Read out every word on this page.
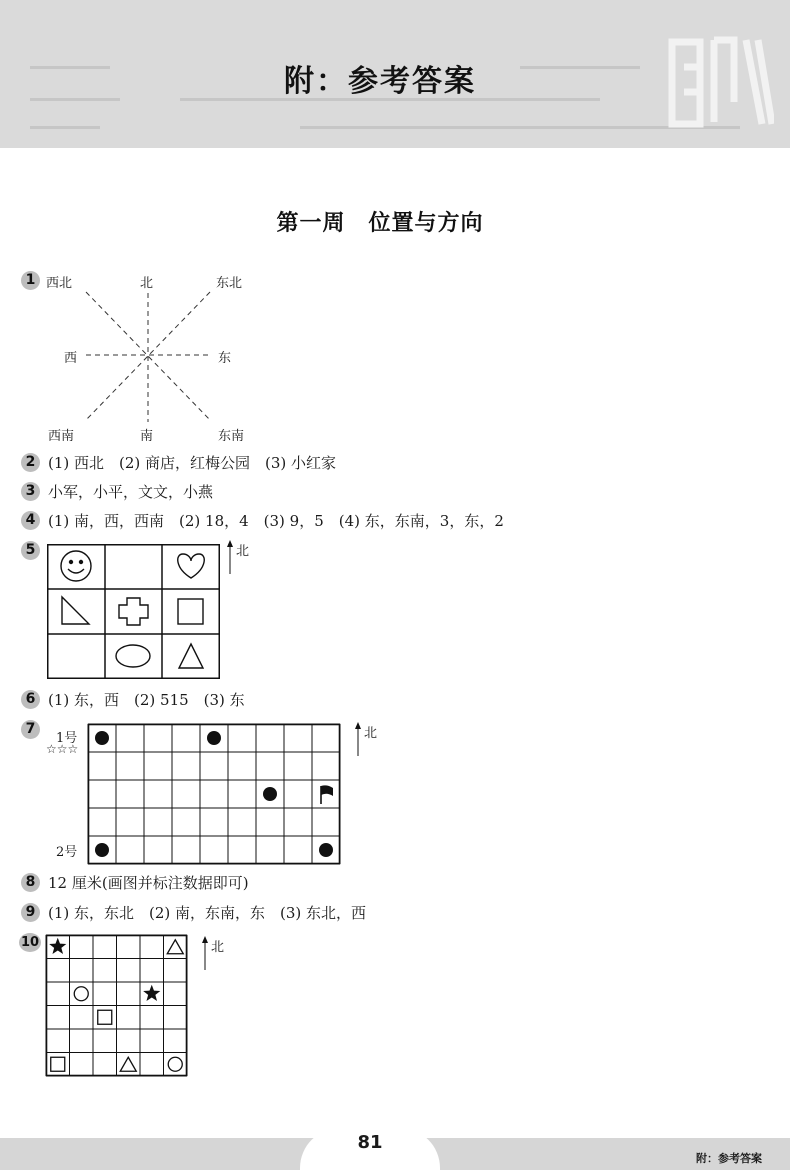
附：参考答案
第一周　位置与方向
1 西北	北	东北
西	东
西南	南	东南
2 (1) 西北　(2) 商店，红梅公园　(3) 小红家
3 小军，小平，文文，小燕
4 (1) 南，西，西南　(2) 18，4　(3) 9，5　(4) 东，东南，3，东，2
5	北
6 (1) 东，西　(2) 515　(3) 东
7
1号
☆☆☆
2号
北
8 12 厘米(画图并标注数据即可)
9 (1) 东，东北　(2) 南，东南，东　(3) 东北，西
10	北
81
附：参考答案
